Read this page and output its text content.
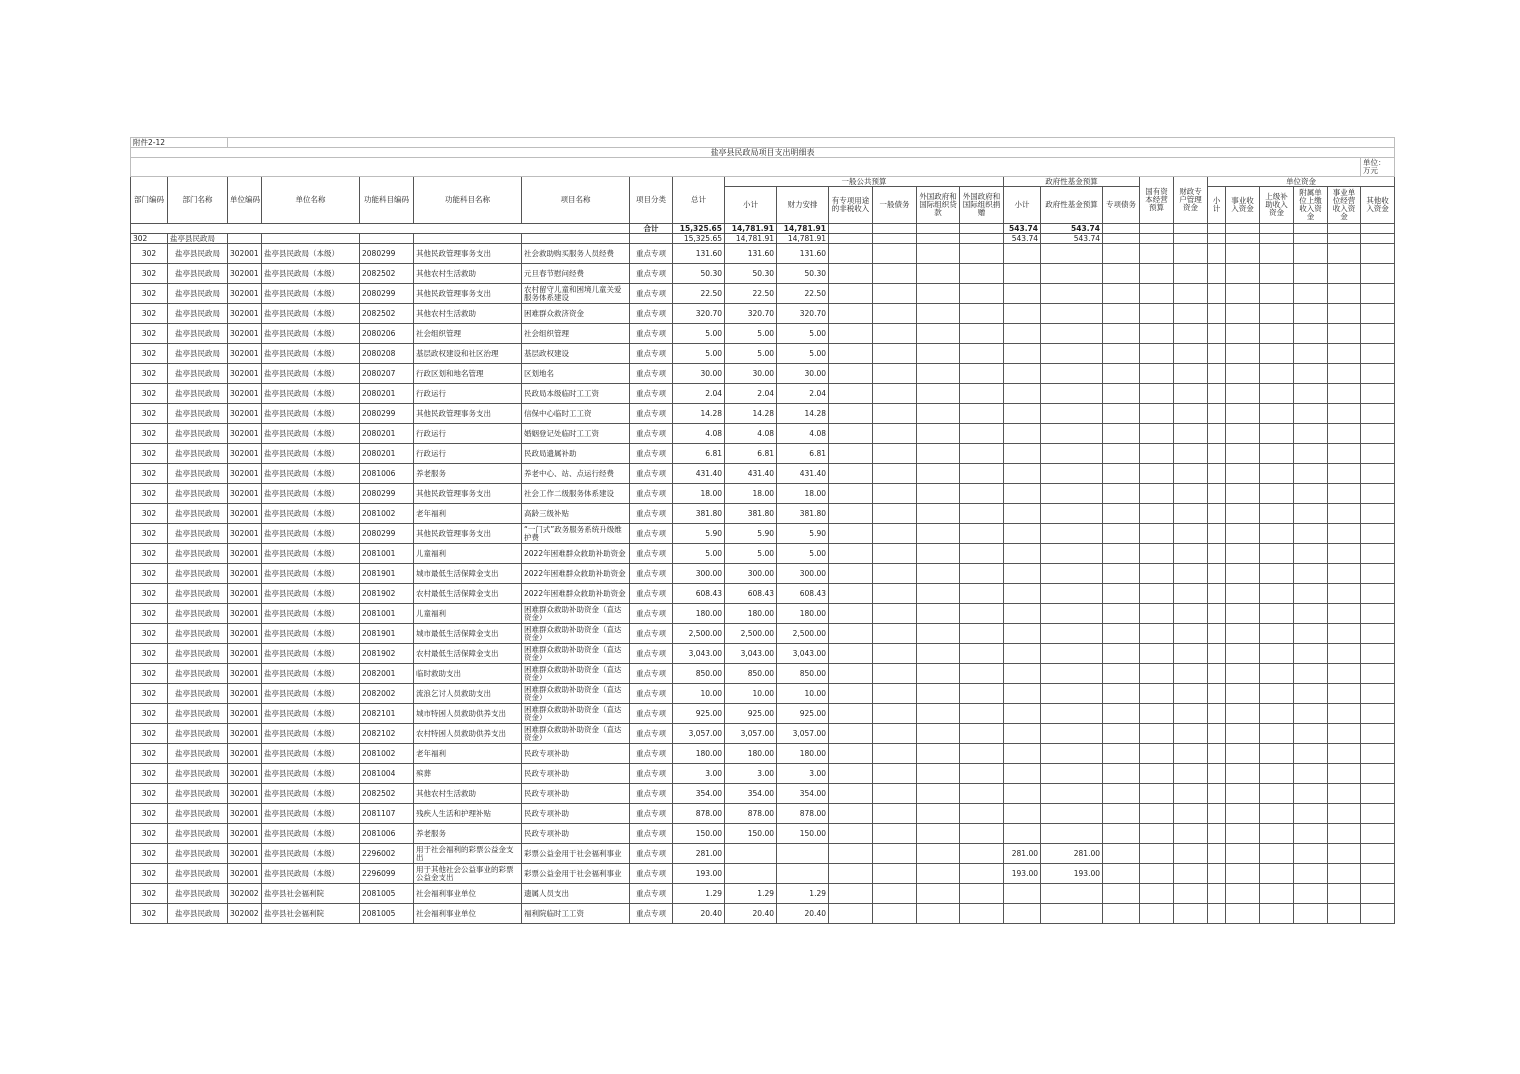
附件2-12																									
盐亭县民政局项目支出明细表																									
																									单位：万元
部门编码	部门名称	单位编码	单位名称	功能科目编码	功能科目名称	项目名称	项目分类	总计	一般公共预算						政府性基金预算			国有资本经营预算	财政专户管理资金	单位资金					
									小计	财力安排	有专项用途的非税收入	一般债务	外国政府和国际组织贷款	外国政府和国际组织捐赠	小计	政府性基金预算	专项债务			小计	事业收入资金	上级补助收入资金	附属单位上缴收入资金	事业单位经营收入资金	其他收入资金
							合计	15,325.65	14,781.91	14,781.91					543.74	543.74									
302	盐亭县民政局							15,325.65	14,781.91	14,781.91					543.74	543.74									
302	盐亭县民政局	302001	盐亭县民政局（本级）	2080299	其他民政管理事务支出	社会救助购买服务人员经费	重点专项	131.60	131.60	131.60															
302	盐亭县民政局	302001	盐亭县民政局（本级）	2082502	其他农村生活救助	元旦春节慰问经费	重点专项	50.30	50.30	50.30															
302	盐亭县民政局	302001	盐亭县民政局（本级）	2080299	其他民政管理事务支出	农村留守儿童和困境儿童关爱服务体系建设	重点专项	22.50	22.50	22.50															
302	盐亭县民政局	302001	盐亭县民政局（本级）	2082502	其他农村生活救助	困难群众救济资金	重点专项	320.70	320.70	320.70															
302	盐亭县民政局	302001	盐亭县民政局（本级）	2080206	社会组织管理	社会组织管理	重点专项	5.00	5.00	5.00															
302	盐亭县民政局	302001	盐亭县民政局（本级）	2080208	基层政权建设和社区治理	基层政权建设	重点专项	5.00	5.00	5.00															
302	盐亭县民政局	302001	盐亭县民政局（本级）	2080207	行政区划和地名管理	区划地名	重点专项	30.00	30.00	30.00															
302	盐亭县民政局	302001	盐亭县民政局（本级）	2080201	行政运行	民政局本级临时工工资	重点专项	2.04	2.04	2.04															
302	盐亭县民政局	302001	盐亭县民政局（本级）	2080299	其他民政管理事务支出	信保中心临时工工资	重点专项	14.28	14.28	14.28															
302	盐亭县民政局	302001	盐亭县民政局（本级）	2080201	行政运行	婚姻登记处临时工工资	重点专项	4.08	4.08	4.08															
302	盐亭县民政局	302001	盐亭县民政局（本级）	2080201	行政运行	民政局遗属补助	重点专项	6.81	6.81	6.81															
302	盐亭县民政局	302001	盐亭县民政局（本级）	2081006	养老服务	养老中心、站、点运行经费	重点专项	431.40	431.40	431.40															
302	盐亭县民政局	302001	盐亭县民政局（本级）	2080299	其他民政管理事务支出	社会工作二级服务体系建设	重点专项	18.00	18.00	18.00															
302	盐亭县民政局	302001	盐亭县民政局（本级）	2081002	老年福利	高龄三级补贴	重点专项	381.80	381.80	381.80															
302	盐亭县民政局	302001	盐亭县民政局（本级）	2080299	其他民政管理事务支出	“一门式”政务服务系统升级维护费	重点专项	5.90	5.90	5.90															
302	盐亭县民政局	302001	盐亭县民政局（本级）	2081001	儿童福利	2022年困难群众救助补助资金	重点专项	5.00	5.00	5.00															
302	盐亭县民政局	302001	盐亭县民政局（本级）	2081901	城市最低生活保障金支出	2022年困难群众救助补助资金	重点专项	300.00	300.00	300.00															
302	盐亭县民政局	302001	盐亭县民政局（本级）	2081902	农村最低生活保障金支出	2022年困难群众救助补助资金	重点专项	608.43	608.43	608.43															
302	盐亭县民政局	302001	盐亭县民政局（本级）	2081001	儿童福利	困难群众救助补助资金（直达资金）	重点专项	180.00	180.00	180.00															
302	盐亭县民政局	302001	盐亭县民政局（本级）	2081901	城市最低生活保障金支出	困难群众救助补助资金（直达资金）	重点专项	2,500.00	2,500.00	2,500.00															
302	盐亭县民政局	302001	盐亭县民政局（本级）	2081902	农村最低生活保障金支出	困难群众救助补助资金（直达资金）	重点专项	3,043.00	3,043.00	3,043.00															
302	盐亭县民政局	302001	盐亭县民政局（本级）	2082001	临时救助支出	困难群众救助补助资金（直达资金）	重点专项	850.00	850.00	850.00															
302	盐亭县民政局	302001	盐亭县民政局（本级）	2082002	流浪乞讨人员救助支出	困难群众救助补助资金（直达资金）	重点专项	10.00	10.00	10.00															
302	盐亭县民政局	302001	盐亭县民政局（本级）	2082101	城市特困人员救助供养支出	困难群众救助补助资金（直达资金）	重点专项	925.00	925.00	925.00															
302	盐亭县民政局	302001	盐亭县民政局（本级）	2082102	农村特困人员救助供养支出	困难群众救助补助资金（直达资金）	重点专项	3,057.00	3,057.00	3,057.00															
302	盐亭县民政局	302001	盐亭县民政局（本级）	2081002	老年福利	民政专项补助	重点专项	180.00	180.00	180.00															
302	盐亭县民政局	302001	盐亭县民政局（本级）	2081004	殡葬	民政专项补助	重点专项	3.00	3.00	3.00															
302	盐亭县民政局	302001	盐亭县民政局（本级）	2082502	其他农村生活救助	民政专项补助	重点专项	354.00	354.00	354.00															
302	盐亭县民政局	302001	盐亭县民政局（本级）	2081107	残疾人生活和护理补贴	民政专项补助	重点专项	878.00	878.00	878.00															
302	盐亭县民政局	302001	盐亭县民政局（本级）	2081006	养老服务	民政专项补助	重点专项	150.00	150.00	150.00															
302	盐亭县民政局	302001	盐亭县民政局（本级）	2296002	用于社会福利的彩票公益金支出	彩票公益金用于社会福利事业	重点专项	281.00							281.00	281.00									
302	盐亭县民政局	302001	盐亭县民政局（本级）	2296099	用于其他社会公益事业的彩票公益金支出	彩票公益金用于社会福利事业	重点专项	193.00							193.00	193.00									
302	盐亭县民政局	302002	盐亭县社会福利院	2081005	社会福利事业单位	遗属人员支出	重点专项	1.29	1.29	1.29															
302	盐亭县民政局	302002	盐亭县社会福利院	2081005	社会福利事业单位	福利院临时工工资	重点专项	20.40	20.40	20.40															
